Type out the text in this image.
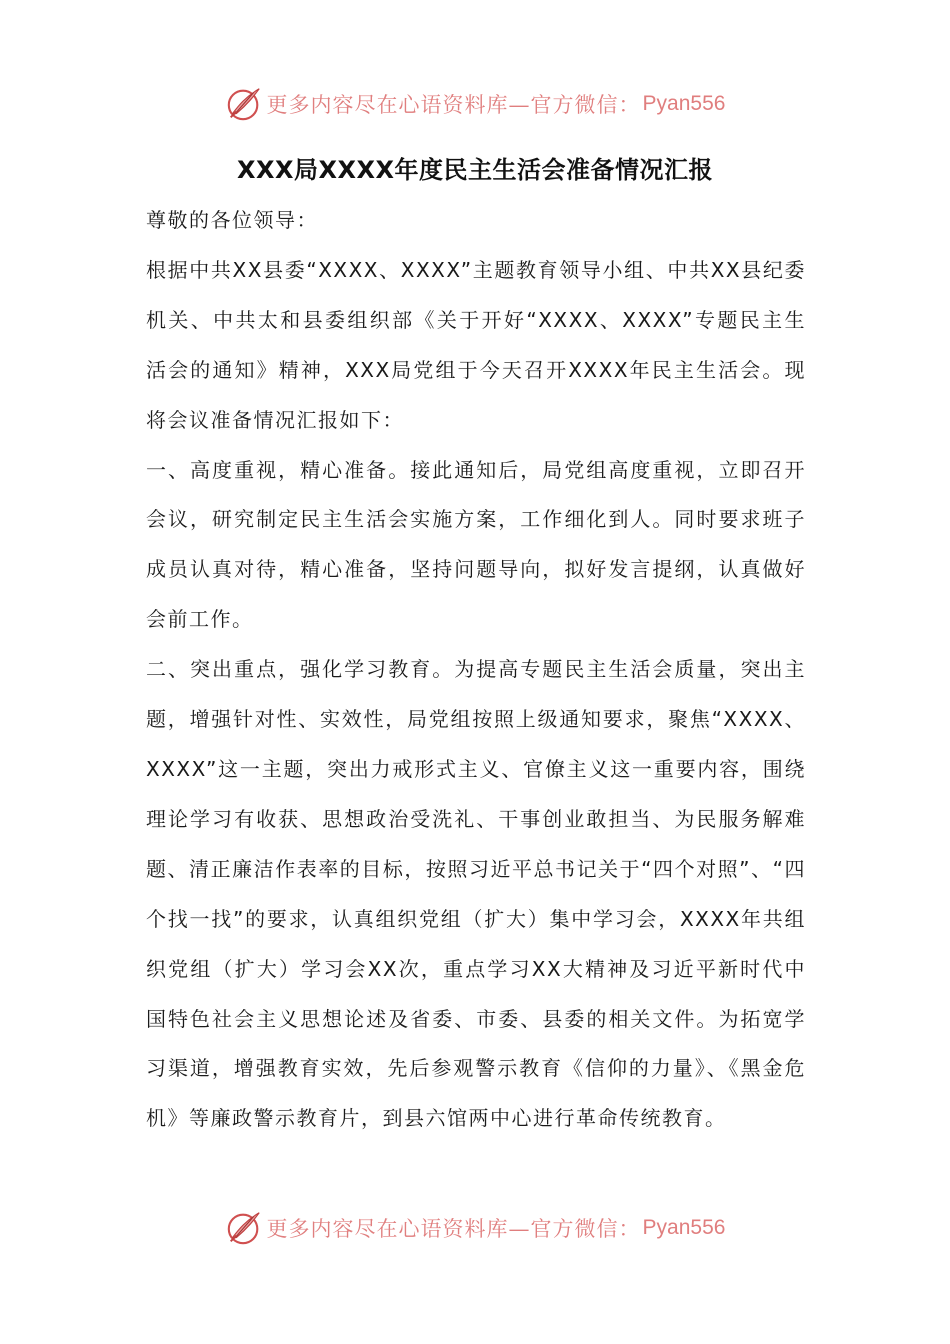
更多内容尽在心语资料库—官方微信： Pyan556
XXX局XXXX年度民主生活会准备情况汇报

尊敬的各位领导：

根据中共XX县委“XXXX、XXXX”主题教育领导小组、中共XX县纪委机关、中共太和县委组织部《关于开好“XXXX、XXXX”专题民主生活会的通知》精神，XXX局党组于今天召开XXXX年民主生活会。现将会议准备情况汇报如下：

一、高度重视，精心准备。接此通知后，局党组高度重视，立即召开会议，研究制定民主生活会实施方案，工作细化到人。同时要求班子成员认真对待，精心准备，坚持问题导向，拟好发言提纲，认真做好会前工作。

二、突出重点，强化学习教育。为提高专题民主生活会质量，突出主题，增强针对性、实效性，局党组按照上级通知要求，聚焦“XXXX、XXXX”这一主题，突出力戒形式主义、官僚主义这一重要内容，围绕理论学习有收获、思想政治受洗礼、干事创业敢担当、为民服务解难题、清正廉洁作表率的目标，按照习近平总书记关于“四个对照”、“四个找一找”的要求，认真组织党组（扩大）集中学习会，XXXX年共组织党组（扩大）学习会XX次，重点学习XX大精神及习近平新时代中国特色社会主义思想论述及省委、市委、县委的相关文件。为拓宽学习渠道，增强教育实效，先后参观警示教育《信仰的力量》、《黑金危机》等廉政警示教育片，到县六馆两中心进行革命传统教育。

更多内容尽在心语资料库—官方微信： Pyan556
